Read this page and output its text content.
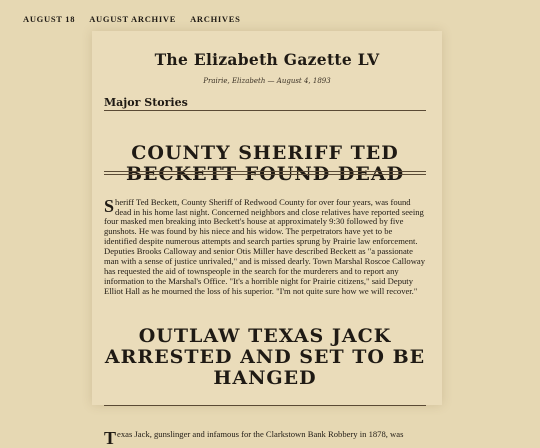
AUGUST 18 AUGUST ARCHIVE ARCHIVES
The Elizabeth Gazette LV
Prairie, Elizabeth — August 4, 1893
Major Stories
COUNTY SHERIFF TED

Sheriff Ted Beckett, County Sheriff of Redwood County for over four years, was found dead in his home last night. Concerned neighbors and close relatives have reported seeing four masked men breaking into Beckett's house at approximately 9:30 followed by five gunshots. He was found by his niece and his widow. The perpetrators have yet to be identified despite numerous attempts and search parties sprung by Prairie law enforcement. Deputies Brooks Calloway and senior Otis Miller have described Beckett as "a passionate man with a sense of justice unrivaled," and is missed dearly. Town Marshal Roscoe Calloway has requested the aid of townspeople in the search for the murderers and to report any information to the Marshal's Office. "It's a horrible night for Prairie citizens," said Deputy Elliot Hall as he mourned the loss of his superior. "I'm not quite sure how we will recover."

OUTLAW TEXAS JACK ARRESTED AND SET TO BE HANGED

Texas Jack, gunslinger and infamous for the Clarkstown Bank Robbery in 1878, was
